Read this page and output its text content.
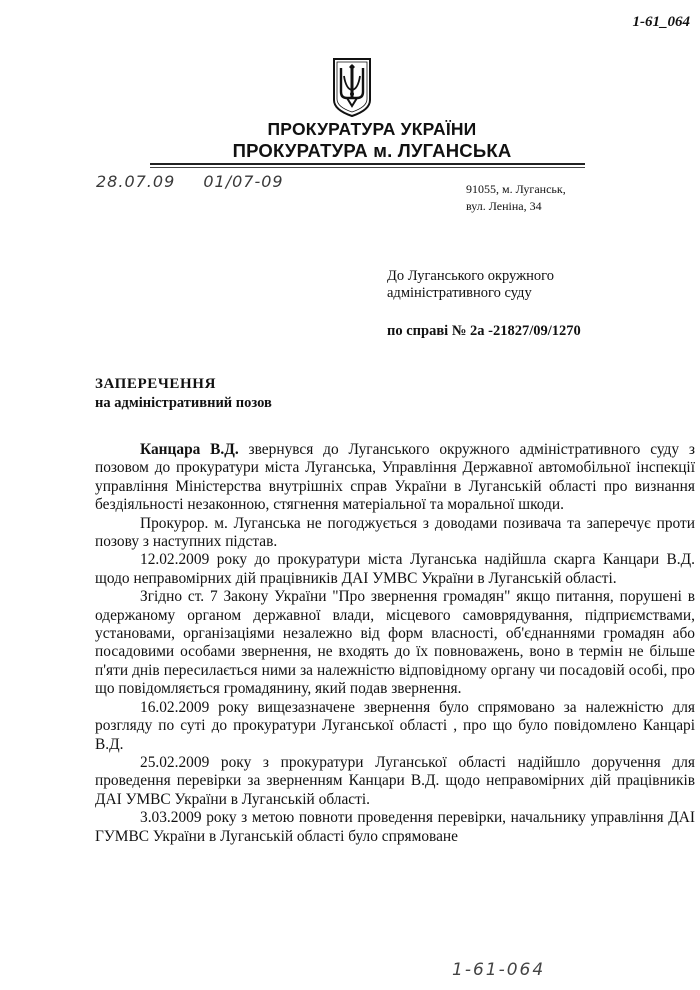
1-61_064
ПРОКУРАТУРА УКРАЇНИ
ПРОКУРАТУРА м. ЛУГАНСЬКА
28.07.09 01/07-09	91055, м. Луганськ,
вул. Леніна, 34
До Луганського окружного
адміністративного суду
по справі № 2а -21827/09/1270
ЗАПЕРЕЧЕННЯ
на адміністративний позов

Канцара В.Д. звернувся до Луганського окружного адміністративного суду з позовом до прокуратури міста Луганська, Управління Державної автомобільної інспекції управління Міністерства внутрішніх справ України в Луганській області про визнання бездіяльності незаконною, стягнення матеріальної та моральної шкоди.

Прокурор. м. Луганська не погоджується з доводами позивача та заперечує проти позову з наступних підстав.

12.02.2009 року до прокуратури міста Луганська надійшла скарга Канцари В.Д. щодо неправомірних дій працівників ДАІ УМВС України в Луганській області.

Згідно ст. 7 Закону України "Про звернення громадян" якщо питання, порушені в одержаному органом державної влади, місцевого самоврядування, підприємствами, установами, організаціями незалежно від форм власності, об'єднаннями громадян або посадовими особами звернення, не входять до їх повноважень, воно в термін не більше п'яти днів пересилається ними за належністю відповідному органу чи посадовій особі, про що повідомляється громадянину, який подав звернення.

16.02.2009 року вищезазначене звернення було спрямовано за належністю для розгляду по суті до прокуратури Луганської області , про що було повідомлено Канцарі В.Д.

25.02.2009 року з прокуратури Луганської області надійшло доручення для проведення перевірки за зверненням Канцари В.Д. щодо неправомірних дій працівників ДАІ УМВС України в Луганській області.

3.03.2009 року з метою повноти проведення перевірки, начальнику управління ДАІ ГУМВС України в Луганській області було спрямоване

1-61-064
